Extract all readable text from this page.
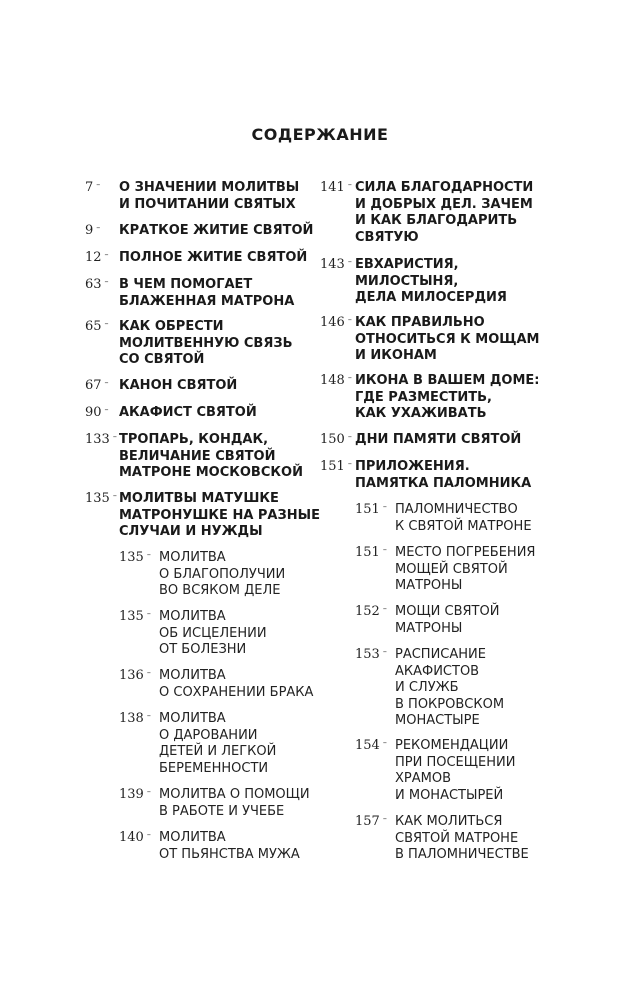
СОДЕРЖАНИЕ
7 –	О ЗНАЧЕНИИ МОЛИТВЫ
И ПОЧИТАНИИ СВЯТЫХ
9 –	КРАТКОЕ ЖИТИЕ СВЯТОЙ
12 – ПОЛНОЕ ЖИТИЕ СВЯТОЙ
63 – В ЧЕМ ПОМОГАЕТ
БЛАЖЕННАЯ МАТРОНА
65 – КАК ОБРЕСТИ
МОЛИТВЕННУЮ СВЯЗЬ
СО СВЯТОЙ
67 – КАНОН СВЯТОЙ
90 – АКАФИСТ СВЯТОЙ
133 – ТРОПАРЬ, КОНДАК,
ВЕЛИЧАНИЕ СВЯТОЙ
МАТРОНЕ МОСКОВСКОЙ
135 – МОЛИТВЫ МАТУШКЕ
МАТРОНУШКЕ НА РАЗНЫЕ
СЛУЧАИ И НУЖДЫ
135 – МОЛИТВА
О БЛАГОПОЛУЧИИ
ВО ВСЯКОМ ДЕЛЕ
135 – МОЛИТВА
ОБ ИСЦЕЛЕНИИ
ОТ БОЛЕЗНИ
136 – МОЛИТВА
О СОХРАНЕНИИ БРАКА
138 – МОЛИТВА
О ДАРОВАНИИ
ДЕТЕЙ И ЛЕГКОЙ
БЕРЕМЕННОСТИ
139 – МОЛИТВА О ПОМОЩИ
В РАБОТЕ И УЧЕБЕ
140 – МОЛИТВА
ОТ ПЬЯНСТВА МУЖА
141 – СИЛА БЛАГОДАРНОСТИ
И ДОБРЫХ ДЕЛ. ЗАЧЕМ
И КАК БЛАГОДАРИТЬ
СВЯТУЮ
143 – ЕВХАРИСТИЯ,
МИЛОСТЫНЯ,
ДЕЛА МИЛОСЕРДИЯ
146 – КАК ПРАВИЛЬНО
ОТНОСИТЬСЯ К МОЩАМ
И ИКОНАМ
148 – ИКОНА В ВАШЕМ ДОМЕ:
ГДЕ РАЗМЕСТИТЬ,
КАК УХАЖИВАТЬ
150 – ДНИ ПАМЯТИ СВЯТОЙ
151 – ПРИЛОЖЕНИЯ.
ПАМЯТКА ПАЛОМНИКА
151 – ПАЛОМНИЧЕСТВО
К СВЯТОЙ МАТРОНЕ
151 – МЕСТО ПОГРЕБЕНИЯ
МОЩЕЙ СВЯТОЙ
МАТРОНЫ
152 – МОЩИ СВЯТОЙ
МАТРОНЫ
153 – РАСПИСАНИЕ
АКАФИСТОВ
И СЛУЖБ
В ПОКРОВСКОМ
МОНАСТЫРЕ
154 – РЕКОМЕНДАЦИИ
ПРИ ПОСЕЩЕНИИ
ХРАМОВ
И МОНАСТЫРЕЙ
157 – КАК МОЛИТЬСЯ
СВЯТОЙ МАТРОНЕ
В ПАЛОМНИЧЕСТВЕ
